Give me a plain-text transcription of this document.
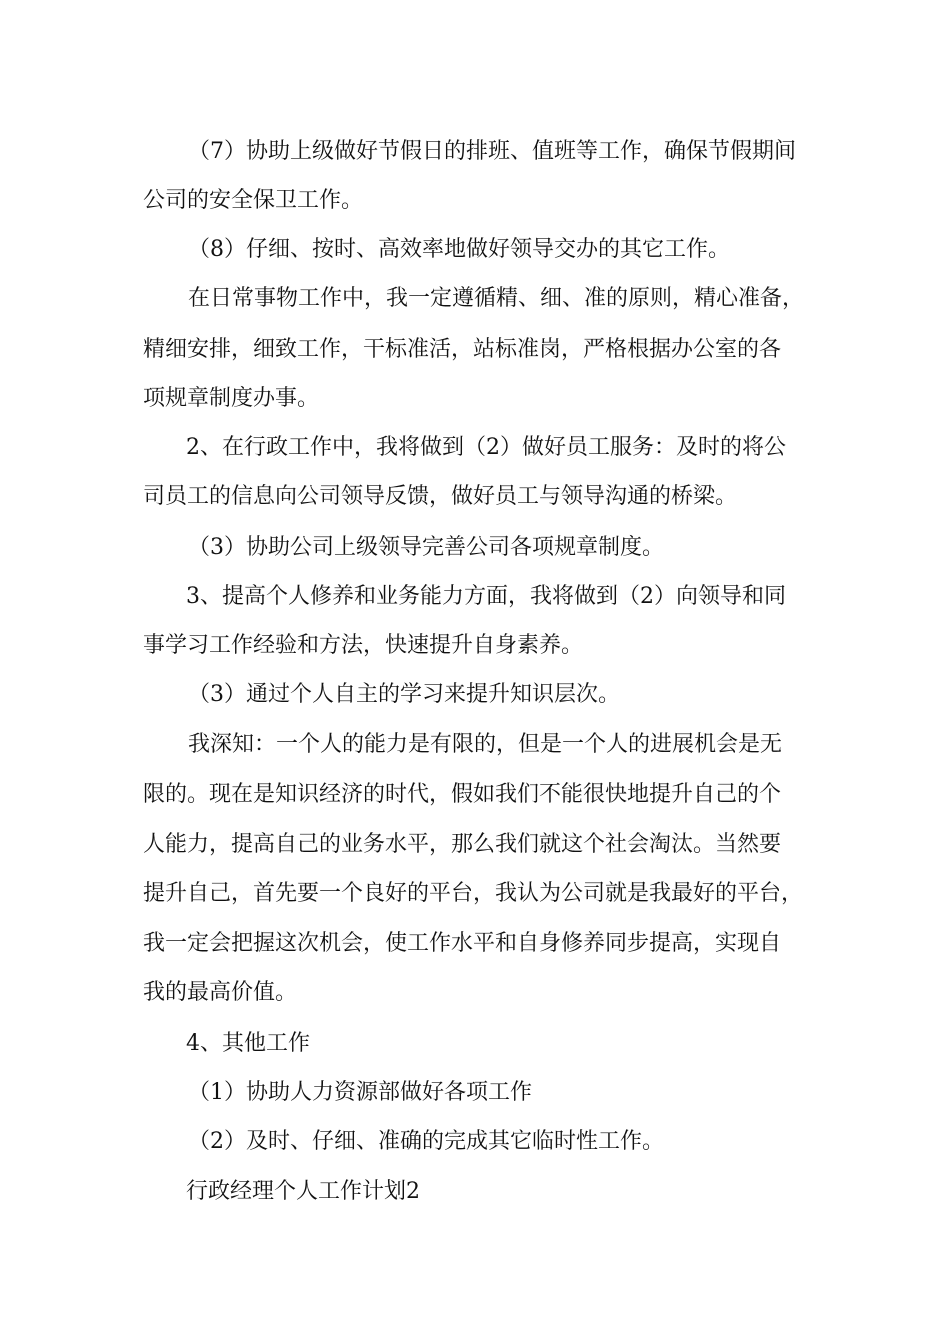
（7）协助上级做好节假日的排班、值班等工作，确保节假期间

公司的安全保卫工作。

（8）仔细、按时、高效率地做好领导交办的其它工作。

在日常事物工作中，我一定遵循精、细、准的原则，精心准备，

精细安排，细致工作，干标准活，站标准岗，严格根据办公室的各

项规章制度办事。

2、在行政工作中，我将做到（2）做好员工服务：及时的将公

司员工的信息向公司领导反馈，做好员工与领导沟通的桥梁。

（3）协助公司上级领导完善公司各项规章制度。

3、提高个人修养和业务能力方面，我将做到（2）向领导和同

事学习工作经验和方法，快速提升自身素养。

（3）通过个人自主的学习来提升知识层次。

我深知：一个人的能力是有限的，但是一个人的进展机会是无

限的。现在是知识经济的时代，假如我们不能很快地提升自己的个

人能力，提高自己的业务水平，那么我们就这个社会淘汰。当然要

提升自己，首先要一个良好的平台，我认为公司就是我最好的平台，

我一定会把握这次机会，使工作水平和自身修养同步提高，实现自

我的最高价值。

4、其他工作

（1）协助人力资源部做好各项工作

（2）及时、仔细、准确的完成其它临时性工作。

行政经理个人工作计划2
